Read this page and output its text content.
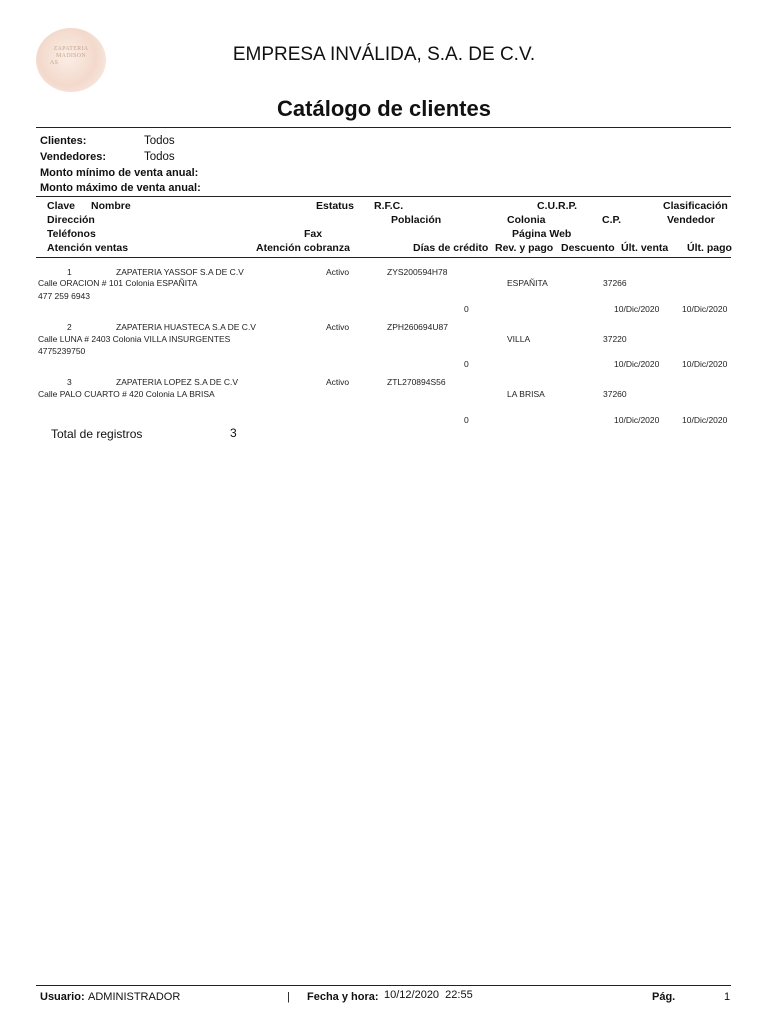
ZAPATERIA
MADISON
AS	EMPRESA INVÁLIDA, S.A. DE C.V.
Catálogo de clientes
Clientes:	Todos
Vendedores:	Todos
Monto mínimo de venta anual:
Monto máximo de venta anual:
Clave Nombre	Estatus R.F.C.	C.U.R.P.	Clasificación
Dirección	Población	Colonia	C.P.	Vendedor
Teléfonos	Fax	Página Web
Atención ventas	Atención cobranza	Días de crédito Rev. y pago Descuento Últ. venta Últ. pago
1	ZAPATERIA YASSOF S.A DE C.V	Activo	ZYS200594H78
Calle ORACION # 101 Colonia ESPAÑITA	ESPAÑITA	37266
477 259 6943
0	10/Dic/2020	10/Dic/2020
2	ZAPATERIA HUASTECA S.A DE C.V	Activo	ZPH260694U87
Calle LUNA # 2403 Colonia VILLA INSURGENTES	VILLA	37220
4775239750
0	10/Dic/2020	10/Dic/2020
3	ZAPATERIA LOPEZ S.A DE C.V	Activo	ZTL270894S56
Calle PALO CUARTO # 420 Colonia LA BRISA	LA BRISA	37260
0	10/Dic/2020	10/Dic/2020
Total de registros	3
Usuario: ADMINISTRADOR	| Fecha y hora: 10/12/2020  22:55	Pág.	1
